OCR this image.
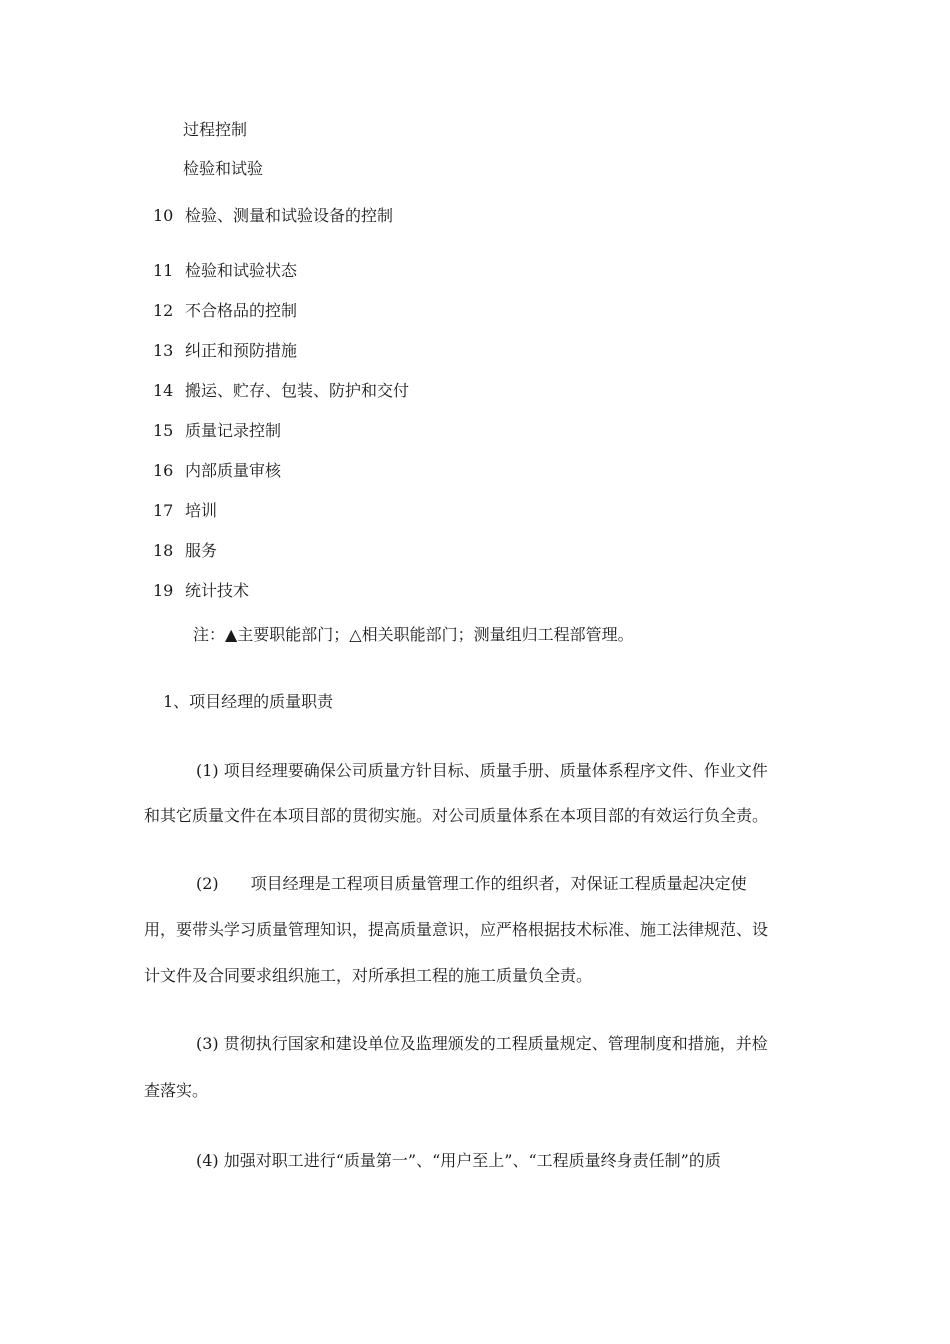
过程控制
检验和试验
10 检验、测量和试验设备的控制
11 检验和试验状态
12 不合格品的控制
13 纠正和预防措施
14 搬运、贮存、包装、防护和交付
15 质量记录控制
16 内部质量审核
17 培训
18 服务
19 统计技术
注：▲主要职能部门；△相关职能部门；测量组归工程部管理。
1、项目经理的质量职责
(1) 项目经理要确保公司质量方针目标、质量手册、质量体系程序文件、作业文件
和其它质量文件在本项目部的贯彻实施。对公司质量体系在本项目部的有效运行负全责。
(2)　　项目经理是工程项目质量管理工作的组织者，对保证工程质量起决定使
用，要带头学习质量管理知识，提高质量意识，应严格根据技术标准、施工法律规范、设
计文件及合同要求组织施工，对所承担工程的施工质量负全责。
(3) 贯彻执行国家和建设单位及监理颁发的工程质量规定、管理制度和措施，并检
查落实。
(4) 加强对职工进行“质量第一”、“用户至上”、“工程质量终身责任制”的质
